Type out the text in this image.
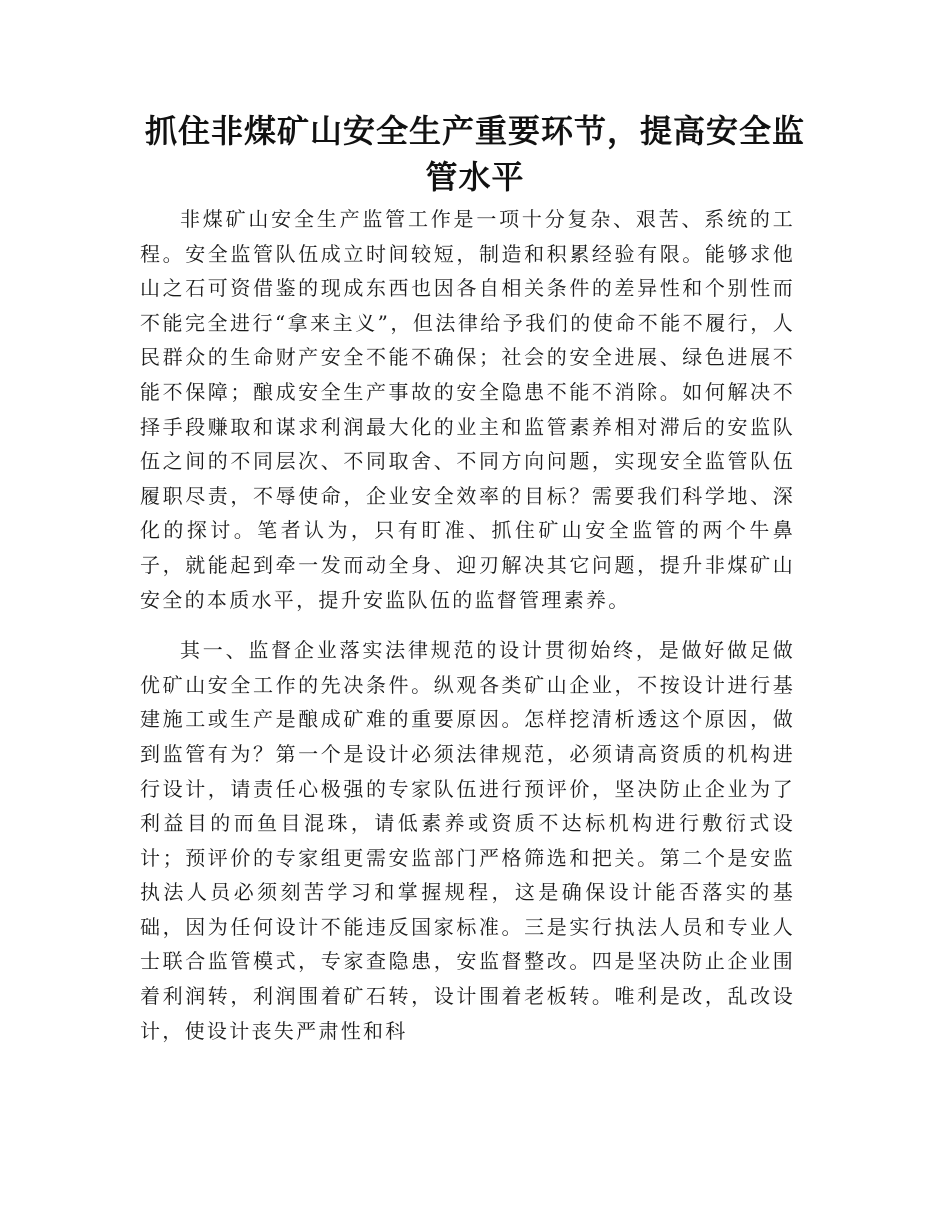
抓住非煤矿山安全生产重要环节，提高安全监管水平

非煤矿山安全生产监管工作是一项十分复杂、艰苦、系统的工程。安全监管队伍成立时间较短，制造和积累经验有限。能够求他山之石可资借鉴的现成东西也因各自相关条件的差异性和个别性而不能完全进行“拿来主义”，但法律给予我们的使命不能不履行，人民群众的生命财产安全不能不确保；社会的安全进展、绿色进展不能不保障；酿成安全生产事故的安全隐患不能不消除。如何解决不择手段赚取和谋求利润最大化的业主和监管素养相对滞后的安监队伍之间的不同层次、不同取舍、不同方向问题，实现安全监管队伍履职尽责，不辱使命，企业安全效率的目标？需要我们科学地、深化的探讨。笔者认为，只有盯准、抓住矿山安全监管的两个牛鼻子，就能起到牵一发而动全身、迎刃解决其它问题，提升非煤矿山安全的本质水平，提升安监队伍的监督管理素养。

其一、监督企业落实法律规范的设计贯彻始终，是做好做足做优矿山安全工作的先决条件。纵观各类矿山企业，不按设计进行基建施工或生产是酿成矿难的重要原因。怎样挖清析透这个原因，做到监管有为？第一个是设计必须法律规范，必须请高资质的机构进行设计，请责任心极强的专家队伍进行预评价，坚决防止企业为了利益目的而鱼目混珠，请低素养或资质不达标机构进行敷衍式设计；预评价的专家组更需安监部门严格筛选和把关。第二个是安监执法人员必须刻苦学习和掌握规程，这是确保设计能否落实的基础，因为任何设计不能违反国家标准。三是实行执法人员和专业人士联合监管模式，专家查隐患，安监督整改。四是坚决防止企业围着利润转，利润围着矿石转，设计围着老板转。唯利是改，乱改设计，使设计丧失严肃性和科
